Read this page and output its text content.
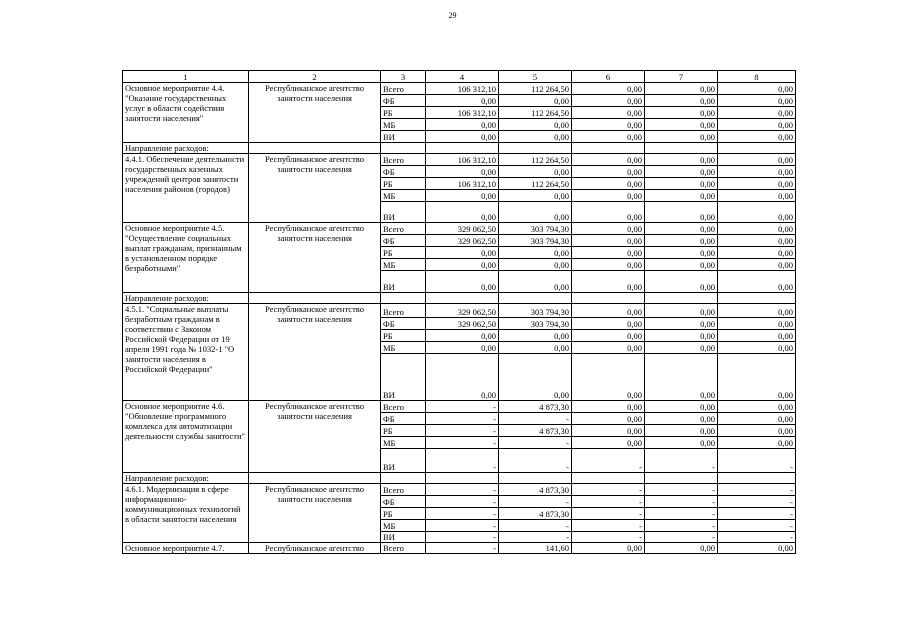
29
1	2	3	4	5	6	7	8
Основное мероприятие 4.4. "Оказание государственных услуг в области содействия занятости населения"	Республиканское агентство занятости населения	Всего	106 312,10	112 264,50	0,00	0,00	0,00
		ФБ	0,00	0,00	0,00	0,00	0,00
		РБ	106 312,10	112 264,50	0,00	0,00	0,00
		МБ	0,00	0,00	0,00	0,00	0,00
		ВИ	0,00	0,00	0,00	0,00	0,00
Направление расходов:							
4.4.1. Обеспечение деятельности государственных казенных учреждений центров занятости населения районов (городов)	Республиканское агентство занятости населения	Всего	106 312,10	112 264,50	0,00	0,00	0,00
		ФБ	0,00	0,00	0,00	0,00	0,00
		РБ	106 312,10	112 264,50	0,00	0,00	0,00
		МБ	0,00	0,00	0,00	0,00	0,00
		ВИ	0,00	0,00	0,00	0,00	0,00
Основное мероприятие 4.5. "Осуществление социальных выплат гражданам, признанным в установленном порядке безработными"	Республиканское агентство занятости населения	Всего	329 062,50	303 794,30	0,00	0,00	0,00
		ФБ	329 062,50	303 794,30	0,00	0,00	0,00
		РБ	0,00	0,00	0,00	0,00	0,00
		МБ	0,00	0,00	0,00	0,00	0,00
		ВИ	0,00	0,00	0,00	0,00	0,00
Направление расходов:							
4.5.1. "Социальные выплаты безработным гражданам в соответствии с Законом Российской Федерации от 19 апреля 1991 года № 1032-1 "О занятости населения в Российской Федерации"	Республиканское агентство занятости населения	Всего	329 062,50	303 794,30	0,00	0,00	0,00
		ФБ	329 062,50	303 794,30	0,00	0,00	0,00
		РБ	0,00	0,00	0,00	0,00	0,00
		МБ	0,00	0,00	0,00	0,00	0,00
		ВИ	0,00	0,00	0,00	0,00	0,00
Основное мероприятие 4.6. "Обновление программного комплекса для автоматизации деятельности службы занятости"	Республиканское агентство занятости населения	Всего	-	4 873,30	0,00	0,00	0,00
		ФБ	-	-	0,00	0,00	0,00
		РБ	-	4 873,30	0,00	0,00	0,00
		МБ	-	-	0,00	0,00	0,00
		ВИ	-	-	-	-	-
Направление расходов:							
4.6.1. Модернизация в сфере информационно-коммуникационных технологий в области занятости населения	Республиканское агентство занятости населения	Всего	-	4 873,30	-	-	-
		ФБ	-	-	-	-	-
		РБ	-	4 873,30	-	-	-
		МБ	-	-	-	-	-
		ВИ	-	-	-	-	-
Основное мероприятие 4.7.	Республиканское агентство	Всего	-	141,60	0,00	0,00	0,00
